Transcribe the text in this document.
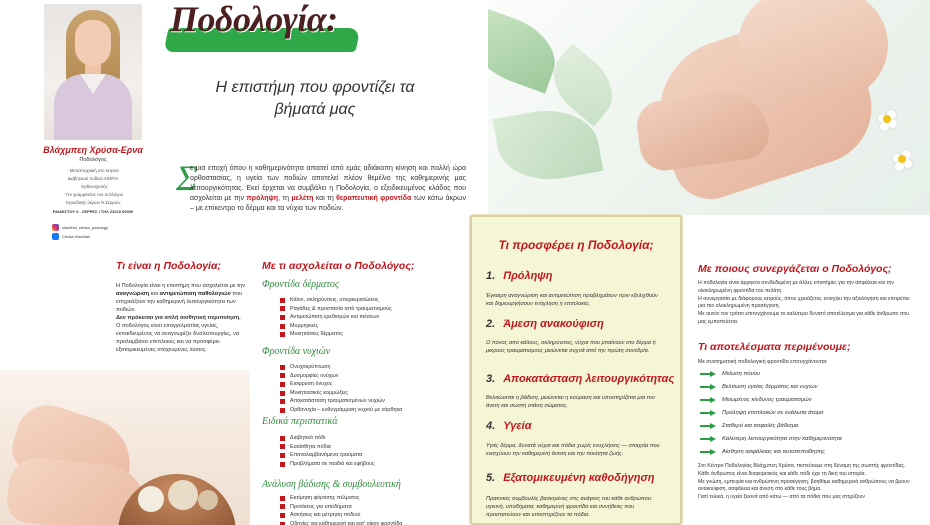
Βλάχμπεη Χρύσα-Ερνα
Ποδολόγος
· Μεταπτυχιακή στο Ιατρείο
Διαβητικού ποδιού ΑΧΕΠΑ
· Ορθονυχωτής
· Γεν γραμματέας του συλλόγου
περιοδικής ύκρων Ν.Σερρών
ΡΑΙΔΕΣΤΟΥ 6 - ΣΕΡΡΕΣ / ΤΗΛ 23210 00000
vlachbei_chrisa_podology
Chrisa Vlachbei
Ποδολογία:
Η επιστήμη που φροντίζει τα βήματά μας
Σ
ε μια εποχή όπου η καθημερινότητα απαιτεί από εμάς αδιάκοπη κίνηση και πολλή ώρα ορθοστασίας, η υγεία των ποδιών αποτελεί πλέον θεμέλιο της καθημερινής μας λειτουργικότητας. Εκεί έρχεται να συμβάλει η Ποδολογία, ο εξειδικευμένος κλάδος που ασχολείται με την πρόληψη, τη μελέτη και τη θεραπευτική φροντίδα των κάτω άκρων – με επίκεντρο το δέρμα και τα νύχια των ποδιών.
Τι είναι η Ποδολογία;

Η Ποδολογία είναι η επιστήμη που ασχολείται με την αναγνώριση και αντιμετώπιση παθολογιών που επηρεάζουν την καθημερινή λειτουργικότητα των ποδιών.

Δεν πρόκειται για απλή αισθητική περιποίηση.

Ο ποδολόγος είναι επαγγελματίας υγείας, εκπαιδευμένος να αναγνωρίζει δυσλειτουργίες, να προλαμβάνει επιπλοκές και να προσφέρει εξατομικευμένες στοχευμένες λύσεις.

Με τι ασχολείται ο Ποδολόγος;
Φροντίδα δέρματος
Κάλοι, σκληρύνσεις, υπερκερατώσεις
Ραγάδες & προστασία από τραυματισμούς
Αντιμετώπιση ερεθισμών και πιέσεων
Μυρμηγκιές
Μυκητιάσεις δέρματος
Φροντίδα νυχιών
Ονυχοκρύπτωση
Δυσμορφίες ονύχων
Εισφρυση όνυχος
Μυκητιασικές κομμώξεις
Αποκατάσταση τραυματισμένων νυχιών
Ορθονυχία – ευθυγράμμιση νυχιού με νάρθηκα
Ειδικά περιστατικά
Διαβητικό πόδι
Ευαίσθητα πόδια
Επαναλαμβανόμενα τραύματα
Προβλήματα σε παιδιά και εφήβους
Ανάλυση βάδισης & συμβουλευτική
Εκτίμηση φόρτισης πέλματος
Προτάσεις για υποδήματα
Ασκήσεις και μέτρηση ποδιού
Οδηγίες για καθημερινή και κατ' οίκον φροντίδα
Τι προσφέρει η Ποδολογία;
1. Πρόληψη
Έγκαιρη αναγνώριση και αντιμετώπιση προβλημάτων πριν εξελιχθούν και δημιουργήσουν ενόχληση ή επιπλοκές.
2. Άμεση ανακούφιση
Ο πόνος από κάλους, σκληρύνσεις, νύχια που μπαίνουν στο δέρμα ή μικρούς τραυματισμούς μειώνεται συχνά από την πρώτη συνεδρία.
3. Αποκατάσταση λειτουργικότητας
Βελτιώνεται η βάδιση, μειώνεται η κούραση και υποστηρίζεται μια πιο άνετη και σωστή στάση σώματος.
4. Υγεία
Υγιές δέρμα, δυνατά νύχια και πόδια χωρίς ενοχλήσεις — στοιχεία που ενισχύουν την καθημερινή άνεση και την ποιότητα ζωής.
5. Εξατομικευμένη καθοδήγηση
Πρακτικές συμβουλές βασισμένες στις ανάγκες του κάθε ανθρώπου: υγιεινή, υποδήματα, καθημερινή φροντίδα και συνήθειες που προστατεύουν και υποστηρίζουν τα πόδια.
Με ποιους συνεργάζεται ο Ποδολόγος;

Η ποδολογία είναι άρρηκτα συνδεδεμένη με άλλες επιστήμες για την ασφάλεια και την ολοκληρωμένη φροντίδα του πελάτη.

Η συνεργασία με διάφορους ιατρούς, όπου χρειάζεται, ενισχύει την αξιολόγηση και επιτρέπει μια πιο ολοκληρωμένη προσέγγιση.

Με αυτόν τον τρόπο επιτυγχάνουμε το καλύτερο δυνατό αποτέλεσμα για κάθε άνθρωπο που μας εμπιστεύεται.

Τι αποτελέσματα περιμένουμε;
Με συστηματική ποδολογική φροντίδα επιτυγχάνονται:
Μείωση πόνου
Βελτίωση υγείας δέρματος και νυχιών
Μειωμένος κίνδυνος τραυματισμών
Πρόληψη επιπλοκών σε ευάλωτα άτομα
Σταθερό και ασφαλές βάδισμα
Καλύτερη λειτουργικότητα στην καθημερινότητα
Αίσθηση ασφάλειας και αυτοπεποίθησης

Στο Κέντρο Ποδολογίας Βλάχμπεη Χρύσα, πιστεύουμε στη δύναμη της σωστής φροντίδας.

Κάθε άνθρωπος είναι διαφορετικός και κάθε πόδι έχει τη δική του ιστορία.

Με γνώση, εμπειρία και ανθρώπινη προσέγγιση, βοηθάμε καθημερινά ανθρώπους να βρουν ανακούφιση, ασφάλεια και άνεση στο κάθε τους βήμα.

Γιατί τελικά, η υγεία ξεκινά από κάτω — από τα πόδια που μας στηρίζουν
